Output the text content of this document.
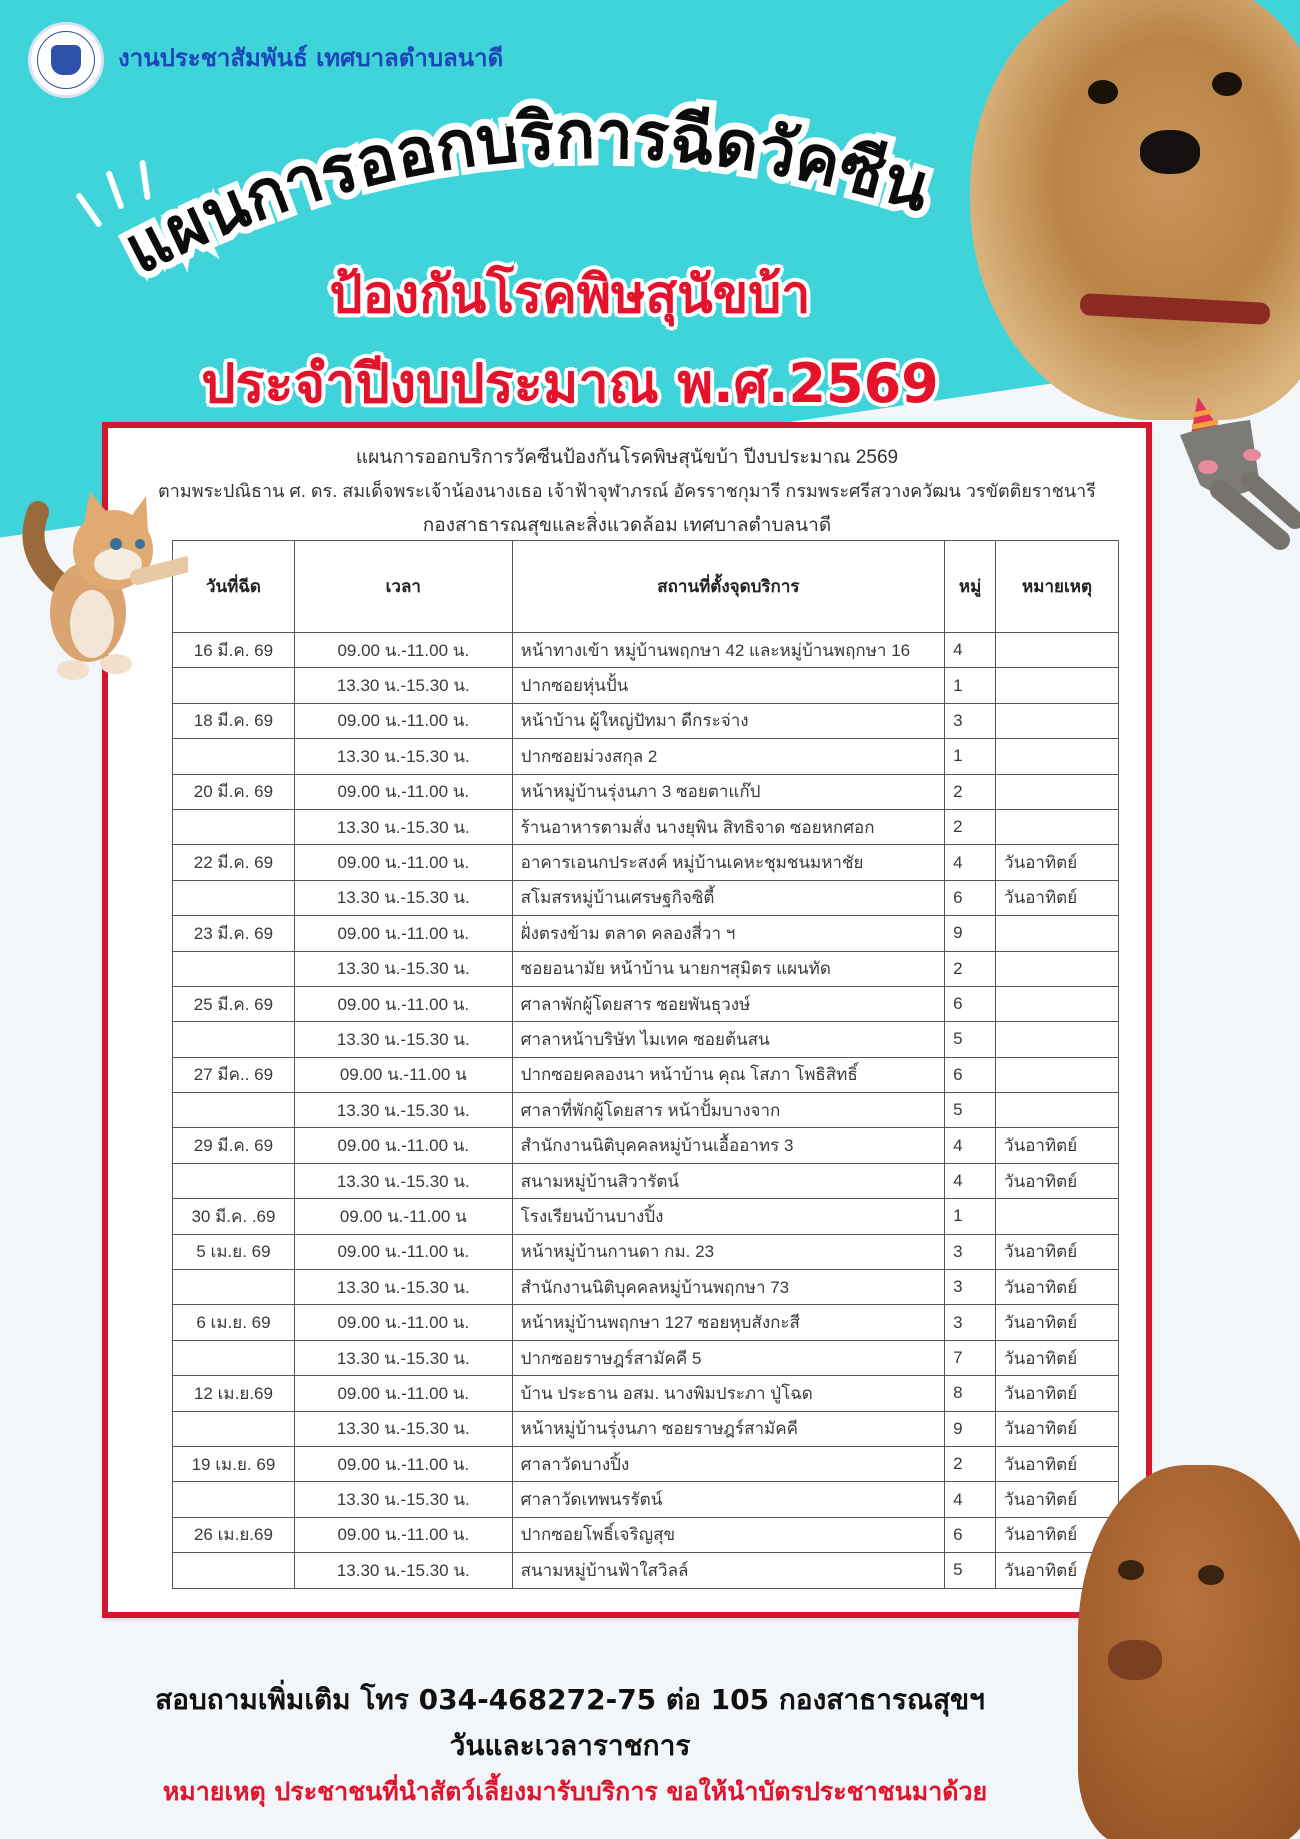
งานประชาสัมพันธ์ เทศบาลตำบลนาดี
แผนการออกบริการฉีดวัคซีน
ป้องกันโรคพิษสุนัขบ้า
ประจำปีงบประมาณ พ.ศ.2569
แผนการออกบริการวัคซีนป้องกันโรคพิษสุนัขบ้า ปีงบประมาณ 2569
ตามพระปณิธาน ศ. ดร. สมเด็จพระเจ้าน้องนางเธอ เจ้าฟ้าจุฬาภรณ์ อัครราชกุมารี กรมพระศรีสวางควัฒน วรขัตติยราชนารี
กองสาธารณสุขและสิ่งแวดล้อม เทศบาลตำบลนาดี
วันที่ฉีด	เวลา	สถานที่ตั้งจุดบริการ	หมู่	หมายเหตุ
16 มี.ค. 69	09.00 น.-11.00 น.	หน้าทางเข้า หมู่บ้านพฤกษา 42 และหมู่บ้านพฤกษา 16	4	
	13.30 น.-15.30 น.	ปากซอยหุ่นปั้น	1	
18 มี.ค. 69	09.00 น.-11.00 น.	หน้าบ้าน ผู้ใหญ่ปัทมา ดีกระจ่าง	3	
	13.30 น.-15.30 น.	ปากซอยม่วงสกุล 2	1	
20 มี.ค. 69	09.00 น.-11.00 น.	หน้าหมู่บ้านรุ่งนภา 3 ซอยตาแก๊ป	2	
	13.30 น.-15.30 น.	ร้านอาหารตามสั่ง นางยุพิน สิทธิจาด ซอยหกศอก	2	
22 มี.ค. 69	09.00 น.-11.00 น.	อาคารเอนกประสงค์ หมู่บ้านเคหะชุมชนมหาชัย	4	วันอาทิตย์
	13.30 น.-15.30 น.	สโมสรหมู่บ้านเศรษฐกิจซิตี้	6	วันอาทิตย์
23 มี.ค. 69	09.00 น.-11.00 น.	ฝั่งตรงข้าม ตลาด คลองสี่วา ฯ	9	
	13.30 น.-15.30 น.	ซอยอนามัย หน้าบ้าน นายกฯสุมิตร แผนทัด	2	
25 มี.ค. 69	09.00 น.-11.00 น.	ศาลาพักผู้โดยสาร ซอยพันธุวงษ์	6	
	13.30 น.-15.30 น.	ศาลาหน้าบริษัท ไมเทค ซอยต้นสน	5	
27 มีค.. 69	09.00 น.-11.00 น	ปากซอยคลองนา หน้าบ้าน คุณ โสภา โพธิสิทธิ์	6	
	13.30 น.-15.30 น.	ศาลาที่พักผู้โดยสาร หน้าปั้มบางจาก	5	
29 มี.ค. 69	09.00 น.-11.00 น.	สำนักงานนิติบุคคลหมู่บ้านเอื้ออาทร 3	4	วันอาทิตย์
	13.30 น.-15.30 น.	สนามหมู่บ้านสิวารัตน์	4	วันอาทิตย์
30 มี.ค. .69	09.00 น.-11.00 น	โรงเรียนบ้านบางปิ้ง	1	
5 เม.ย. 69	09.00 น.-11.00 น.	หน้าหมู่บ้านกานดา กม. 23	3	วันอาทิตย์
	13.30 น.-15.30 น.	สำนักงานนิติบุคคลหมู่บ้านพฤกษา 73	3	วันอาทิตย์
6 เม.ย. 69	09.00 น.-11.00 น.	หน้าหมู่บ้านพฤกษา 127 ซอยหุบสังกะสี	3	วันอาทิตย์
	13.30 น.-15.30 น.	ปากซอยราษฎร์สามัคคี 5	7	วันอาทิตย์
12 เม.ย.69	09.00 น.-11.00 น.	บ้าน ประธาน อสม. นางพิมประภา ปู่โฉด	8	วันอาทิตย์
	13.30 น.-15.30 น.	หน้าหมู่บ้านรุ่งนภา ซอยราษฎร์สามัคคี	9	วันอาทิตย์
19 เม.ย. 69	09.00 น.-11.00 น.	ศาลาวัดบางปิ้ง	2	วันอาทิตย์
	13.30 น.-15.30 น.	ศาลาวัดเทพนรรัตน์	4	วันอาทิตย์
26 เม.ย.69	09.00 น.-11.00 น.	ปากซอยโพธิ์เจริญสุข	6	วันอาทิตย์
	13.30 น.-15.30 น.	สนามหมู่บ้านฟ้าใสวิลล์	5	วันอาทิตย์
สอบถามเพิ่มเติม โทร 034-468272-75 ต่อ 105 กองสาธารณสุขฯ
วันและเวลาราชการ
หมายเหตุ ประชาชนที่นำสัตว์เลี้ยงมารับบริการ ขอให้นำบัตรประชาชนมาด้วย
